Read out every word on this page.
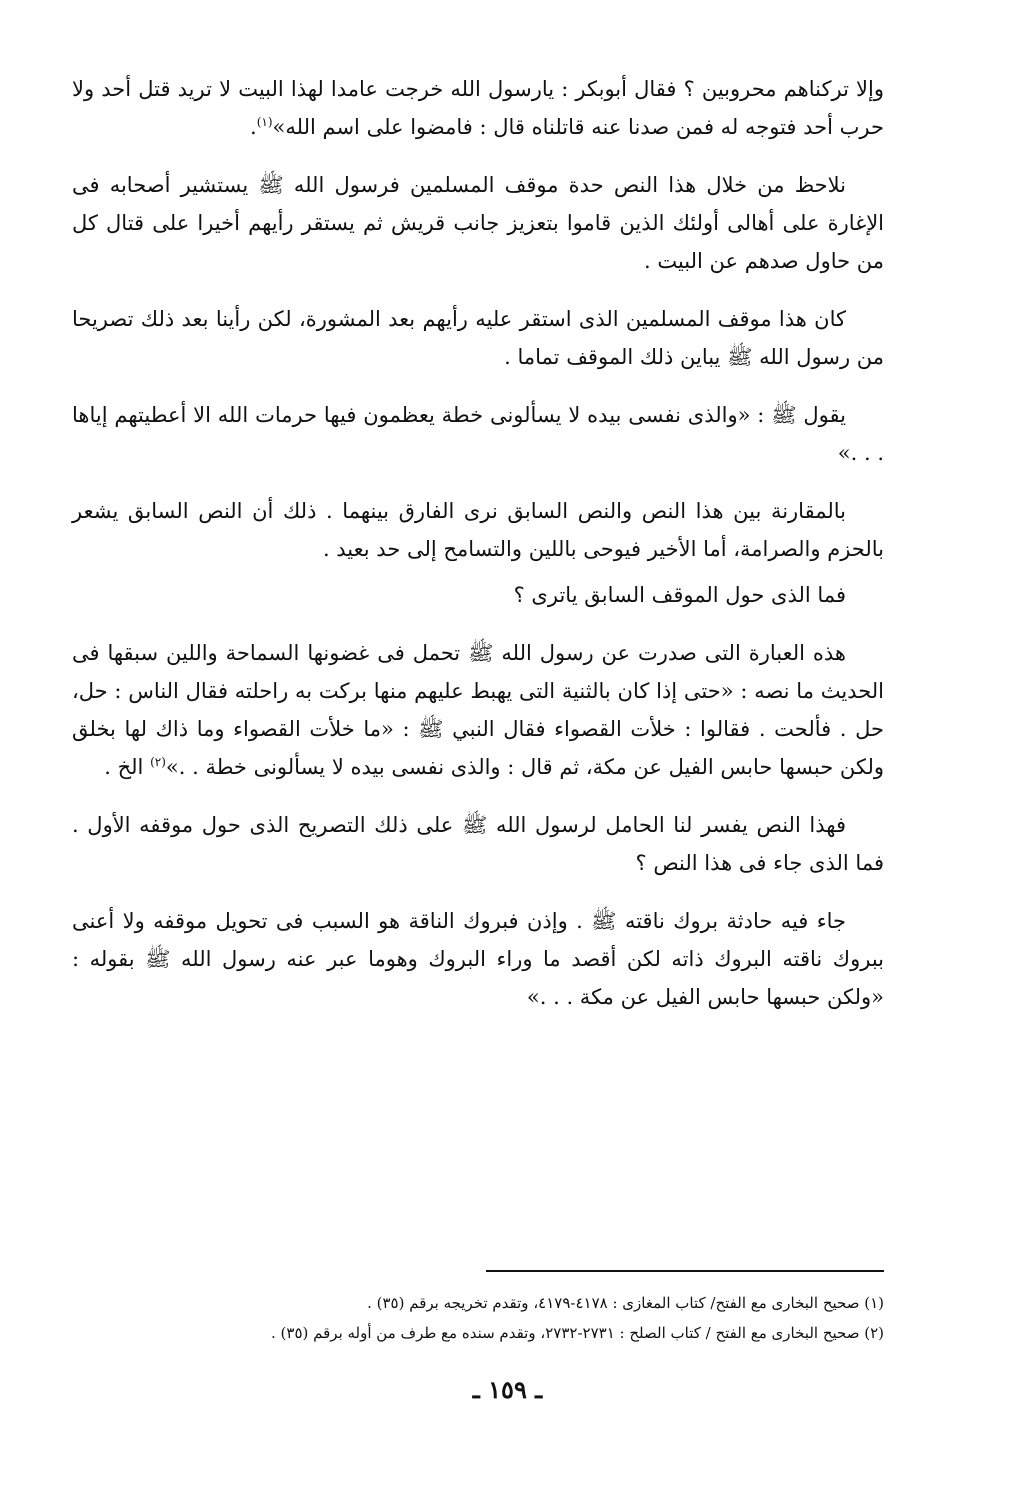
وإلا تركناهم محروبين ؟ فقال أبوبكر : يارسول الله خرجت عامدا لهذا البيت لا تريد قتل أحد ولا حرب أحد فتوجه له فمن صدنا عنه قاتلناه قال : فامضوا على اسم الله»$^{(١)}$.

نلاحظ من خلال هذا النص حدة موقف المسلمين فرسول الله ﷺ يستشير أصحابه فى الإغارة على أهالى أولئك الذين قاموا بتعزيز جانب قريش ثم يستقر رأيهم أخيرا على قتال كل من حاول صدهم عن البيت .

كان هذا موقف المسلمين الذى استقر عليه رأيهم بعد المشورة، لكن رأينا بعد ذلك تصريحا من رسول الله ﷺ يباين ذلك الموقف تماما .

يقول ﷺ : «والذى نفسى بيده لا يسألونى خطة يعظمون فيها حرمات الله الا أعطيتهم إياها . . .»

بالمقارنة بين هذا النص والنص السابق نرى الفارق بينهما . ذلك أن النص السابق يشعر بالحزم والصرامة، أما الأخير فيوحى باللين والتسامح إلى حد بعيد .

فما الذى حول الموقف السابق ياترى ؟

هذه العبارة التى صدرت عن رسول الله ﷺ تحمل فى غضونها السماحة واللين سبقها فى الحديث ما نصه : «حتى إذا كان بالثنية التى يهبط عليهم منها بركت به راحلته فقال الناس : حل، حل . فألحت . فقالوا : خلأت القصواء فقال النبي ﷺ : «ما خلأت القصواء وما ذاك لها بخلق ولكن حبسها حابس الفيل عن مكة، ثم قال : والذى نفسى بيده لا يسألونى خطة . .»$^{(٢)}$ الخ .

فهذا النص يفسر لنا الحامل لرسول الله ﷺ على ذلك التصريح الذى حول موقفه الأول . فما الذى جاء فى هذا النص ؟

جاء فيه حادثة بروك ناقته ﷺ . وإذن فبروك الناقة هو السبب فى تحويل موقفه ولا أعنى ببروك ناقته البروك ذاته لكن أقصد ما وراء البروك وهوما عبر عنه رسول الله ﷺ بقوله : «ولكن حبسها حابس الفيل عن مكة . . .»

(١) صحيح البخارى مع الفتح/ كتاب المغازى : ٤١٧٨-٤١٧٩، وتقدم تخريجه برقم (٣٥) .
(٢) صحيح البخارى مع الفتح / كتاب الصلح : ٢٧٣١-٢٧٣٢، وتقدم سنده مع طرف من أوله برقم (٣٥) .
ـ ١٥٩ ـ
